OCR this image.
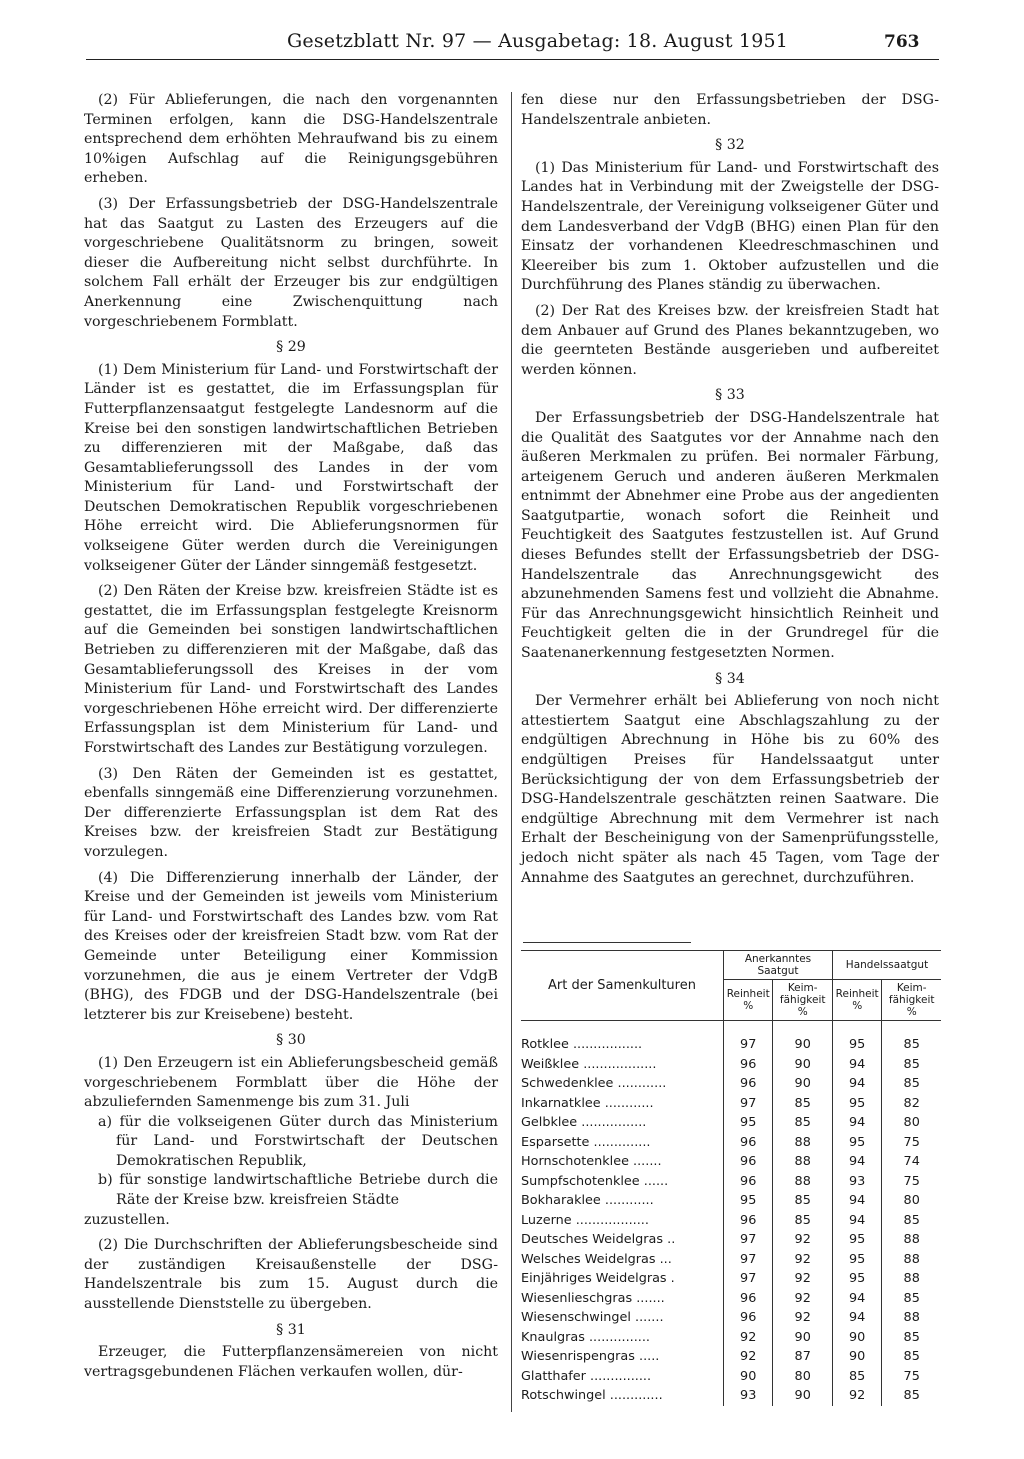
Gesetzblatt Nr. 97 — Ausgabetag: 18. August 1951	763

(2) Für Ablieferungen, die nach den vorgenannten Terminen erfolgen, kann die DSG-Handelszentrale entsprechend dem erhöhten Mehraufwand bis zu einem 10%igen Aufschlag auf die Reinigungsgebühren erheben.

(3) Der Erfassungsbetrieb der DSG-Handelszentrale hat das Saatgut zu Lasten des Erzeugers auf die vorgeschriebene Qualitätsnorm zu bringen, soweit dieser die Aufbereitung nicht selbst durchführte. In solchem Fall erhält der Erzeuger bis zur endgültigen Anerkennung eine Zwischenquittung nach vorgeschriebenem Formblatt.

§ 29

(1) Dem Ministerium für Land- und Forstwirtschaft der Länder ist es gestattet, die im Erfassungsplan für Futterpflanzensaatgut festgelegte Landesnorm auf die Kreise bei den sonstigen landwirtschaftlichen Betrieben zu differenzieren mit der Maßgabe, daß das Gesamtablieferungssoll des Landes in der vom Ministerium für Land- und Forstwirtschaft der Deutschen Demokratischen Republik vorgeschriebenen Höhe erreicht wird. Die Ablieferungsnormen für volkseigene Güter werden durch die Vereinigungen volkseigener Güter der Länder sinngemäß festgesetzt.

(2) Den Räten der Kreise bzw. kreisfreien Städte ist es gestattet, die im Erfassungsplan festgelegte Kreisnorm auf die Gemeinden bei sonstigen landwirtschaftlichen Betrieben zu differenzieren mit der Maßgabe, daß das Gesamtablieferungssoll des Kreises in der vom Ministerium für Land- und Forstwirtschaft des Landes vorgeschriebenen Höhe erreicht wird. Der differenzierte Erfassungsplan ist dem Ministerium für Land- und Forstwirtschaft des Landes zur Bestätigung vorzulegen.

(3) Den Räten der Gemeinden ist es gestattet, ebenfalls sinngemäß eine Differenzierung vorzunehmen. Der differenzierte Erfassungsplan ist dem Rat des Kreises bzw. der kreisfreien Stadt zur Bestätigung vorzulegen.

(4) Die Differenzierung innerhalb der Länder, der Kreise und der Gemeinden ist jeweils vom Ministerium für Land- und Forstwirtschaft des Landes bzw. vom Rat des Kreises oder der kreisfreien Stadt bzw. vom Rat der Gemeinde unter Beteiligung einer Kommission vorzunehmen, die aus je einem Vertreter der VdgB (BHG), des FDGB und der DSG-Handelszentrale (bei letzterer bis zur Kreisebene) besteht.

§ 30

(1) Den Erzeugern ist ein Ablieferungsbescheid gemäß vorgeschriebenem Formblatt über die Höhe der abzuliefernden Samenmenge bis zum 31. Juli

a) für die volkseigenen Güter durch das Ministerium für Land- und Forstwirtschaft der Deutschen Demokratischen Republik,
b) für sonstige landwirtschaftliche Betriebe durch die Räte der Kreise bzw. kreisfreien Städte
zuzustellen.

(2) Die Durchschriften der Ablieferungsbescheide sind der zuständigen Kreisaußenstelle der DSG-Handelszentrale bis zum 15. August durch die ausstellende Dienststelle zu übergeben.

§ 31

Erzeuger, die Futterpflanzensämereien von nicht vertragsgebundenen Flächen verkaufen wollen, dür-

fen diese nur den Erfassungsbetrieben der DSG-Handelszentrale anbieten.

§ 32

(1) Das Ministerium für Land- und Forstwirtschaft des Landes hat in Verbindung mit der Zweigstelle der DSG-Handelszentrale, der Vereinigung volkseigener Güter und dem Landesverband der VdgB (BHG) einen Plan für den Einsatz der vorhandenen Kleedreschmaschinen und Kleereiber bis zum 1. Oktober aufzustellen und die Durchführung des Planes ständig zu überwachen.

(2) Der Rat des Kreises bzw. der kreisfreien Stadt hat dem Anbauer auf Grund des Planes bekanntzugeben, wo die geernteten Bestände ausgerieben und aufbereitet werden können.

§ 33

Der Erfassungsbetrieb der DSG-Handelszentrale hat die Qualität des Saatgutes vor der Annahme nach den äußeren Merkmalen zu prüfen. Bei normaler Färbung, arteigenem Geruch und anderen äußeren Merkmalen entnimmt der Abnehmer eine Probe aus der angedienten Saatgutpartie, wonach sofort die Reinheit und Feuchtigkeit des Saatgutes festzustellen ist. Auf Grund dieses Befundes stellt der Erfassungsbetrieb der DSG-Handelszentrale das Anrechnungsgewicht des abzunehmenden Samens fest und vollzieht die Abnahme. Für das Anrechnungsgewicht hinsichtlich Reinheit und Feuchtigkeit gelten die in der Grundregel für die Saatenanerkennung festgesetzten Normen.

§ 34

Der Vermehrer erhält bei Ablieferung von noch nicht attestiertem Saatgut eine Abschlagszahlung zu der endgültigen Abrechnung in Höhe bis zu 60% des endgültigen Preises für Handelssaatgut unter Berücksichtigung der von dem Erfassungsbetrieb der DSG-Handelszentrale geschätzten reinen Saatware. Die endgültige Abrechnung mit dem Vermehrer ist nach Erhalt der Bescheinigung von der Samenprüfungsstelle, jedoch nicht später als nach 45 Tagen, vom Tage der Annahme des Saatgutes an gerechnet, durchzuführen.

Art der Samenkulturen	Anerkanntes Saatgut		Handelssaatgut	
	Reinheit %	Keim-fähigkeit %	Reinheit %	Keim-fähigkeit %

Rotklee .................	97	90	95	85
Weißklee ..................	96	90	94	85
Schwedenklee ............	96	90	94	85
Inkarnatklee ............	97	85	95	82
Gelbklee ................	95	85	94	80
Esparsette ..............	96	88	95	75
Hornschotenklee .......	96	88	94	74
Sumpfschotenklee ......	96	88	93	75
Bokharaklee ............	95	85	94	80
Luzerne ..................	96	85	94	85
Deutsches Weidelgras ..	97	92	95	88
Welsches Weidelgras ...	97	92	95	88
Einjähriges Weidelgras .	97	92	95	88
Wiesenlieschgras .......	96	92	94	85
Wiesenschwingel .......	96	92	94	88
Knaulgras ...............	92	90	90	85
Wiesenrispengras .....	92	87	90	85
Glatthafer ...............	90	80	85	75
Rotschwingel .............	93	90	92	85
